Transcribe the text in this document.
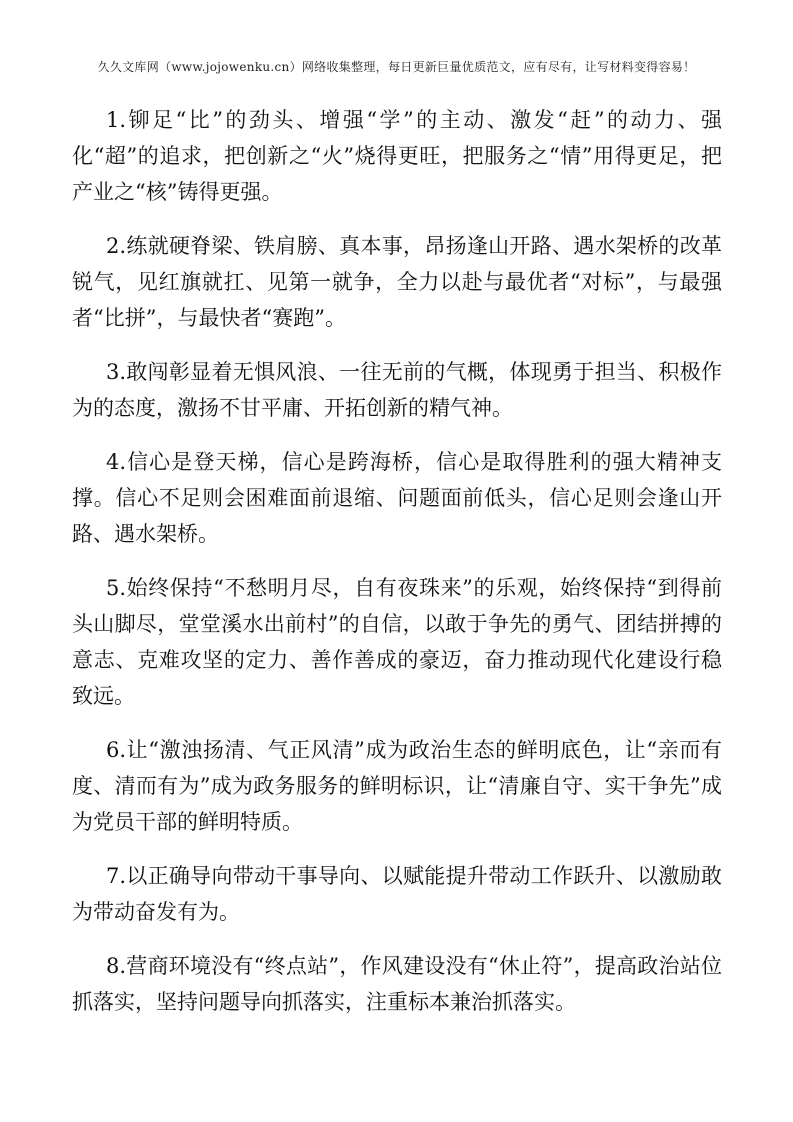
久久文库网（www.jojowenku.cn）网络收集整理，每日更新巨量优质范文，应有尽有，让写材料变得容易！

1.铆足“比”的劲头、增强“学”的主动、激发“赶”的动力、强化“超”的追求，把创新之“火”烧得更旺，把服务之“情”用得更足，把产业之“核”铸得更强。

2.练就硬脊梁、铁肩膀、真本事，昂扬逢山开路、遇水架桥的改革锐气，见红旗就扛、见第一就争，全力以赴与最优者“对标”，与最强者“比拼”，与最快者“赛跑”。

3.敢闯彰显着无惧风浪、一往无前的气概，体现勇于担当、积极作为的态度，激扬不甘平庸、开拓创新的精气神。

4.信心是登天梯，信心是跨海桥，信心是取得胜利的强大精神支撑。信心不足则会困难面前退缩、问题面前低头，信心足则会逢山开路、遇水架桥。

5.始终保持“不愁明月尽，自有夜珠来”的乐观，始终保持“到得前头山脚尽，堂堂溪水出前村”的自信，以敢于争先的勇气、团结拼搏的意志、克难攻坚的定力、善作善成的豪迈，奋力推动现代化建设行稳致远。

6.让“激浊扬清、气正风清”成为政治生态的鲜明底色，让“亲而有度、清而有为”成为政务服务的鲜明标识，让“清廉自守、实干争先”成为党员干部的鲜明特质。

7.以正确导向带动干事导向、以赋能提升带动工作跃升、以激励敢为带动奋发有为。

8.营商环境没有“终点站”，作风建设没有“休止符”，提高政治站位抓落实，坚持问题导向抓落实，注重标本兼治抓落实。
